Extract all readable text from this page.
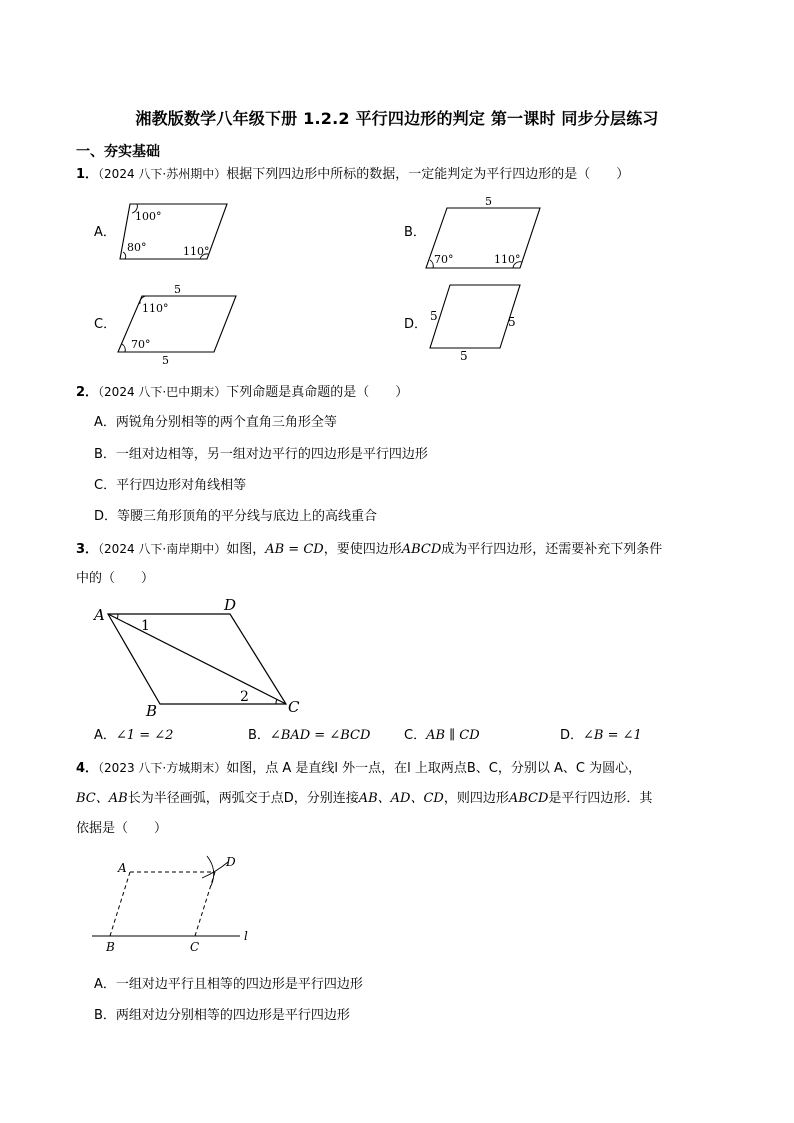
湘教版数学八年级下册 1.2.2 平行四边形的判定 第一课时 同步分层练习
一、夯实基础
1．（2024 八下·苏州期中）根据下列四边形中所标的数据，一定能判定为平行四边形的是（　　）
A．
100°
80°	110°
B．
5
70°	110°
C．
5
110°
70°
5
D．
5	5
5
2．（2024 八下·巴中期末）下列命题是真命题的是（　　）
A．两锐角分别相等的两个直角三角形全等
B．一组对边相等，另一组对边平行的四边形是平行四边形
C．平行四边形对角线相等
D．等腰三角形顶角的平分线与底边上的高线重合
3．（2024 八下·南岸期中）如图，AB = CD，要使四边形ABCD成为平行四边形，还需要补充下列条件
中的（　　）
A
D
B	C
1
2
A．∠1 = ∠2	B．∠BAD = ∠BCD	C．AB ∥ CD	D．∠B = ∠1
4．（2023 八下·方城期末）如图，点 A 是直线l 外一点，在l 上取两点B、C，分别以 A、C 为圆心，
BC、AB长为半径画弧，两弧交于点D，分别连接AB、AD、CD，则四边形ABCD是平行四边形．其
依据是（　　）
A	D
B	C
l
A．一组对边平行且相等的四边形是平行四边形
B．两组对边分别相等的四边形是平行四边形
